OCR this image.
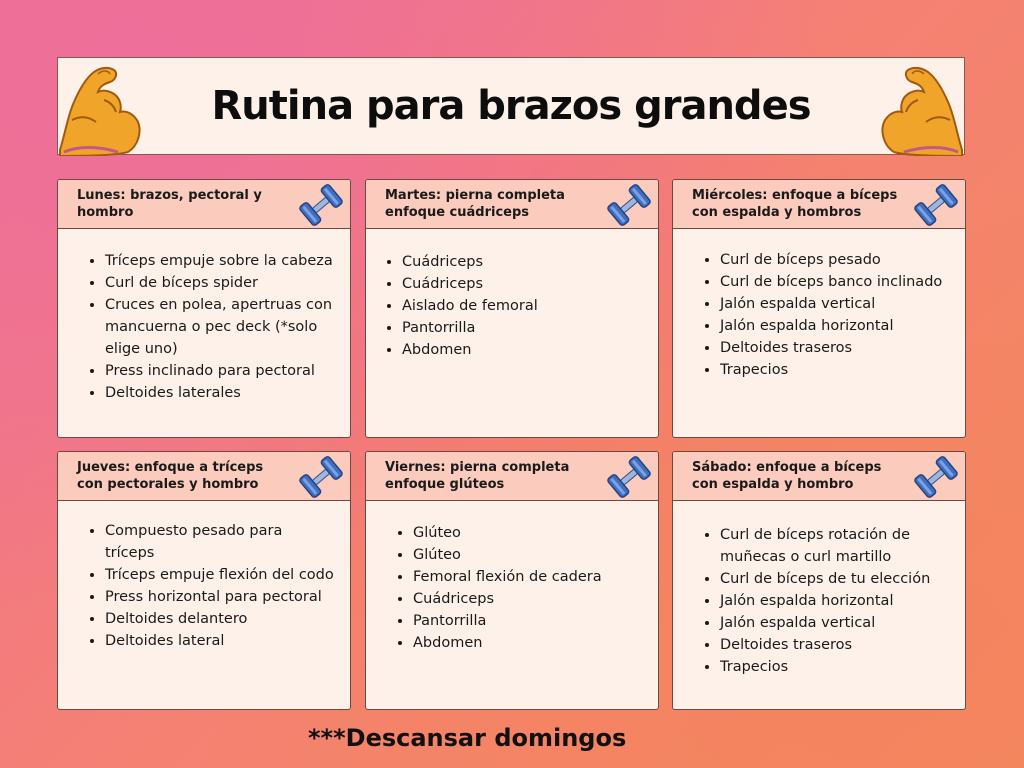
Rutina para brazos grandes

Lunes: brazos, pectoral y hombro

• Tríceps empuje sobre la cabeza
• Curl de bíceps spider
• Cruces en polea, apertruas con mancuerna o pec deck (*solo elige uno)
• Press inclinado para pectoral
• Deltoides laterales

Martes: pierna completa enfoque cuádriceps

• Cuádriceps
• Cuádriceps
• Aislado de femoral
• Pantorrilla
• Abdomen

Miércoles: enfoque a bíceps con espalda y hombros

• Curl de bíceps pesado
• Curl de bíceps banco inclinado
• Jalón espalda vertical
• Jalón espalda horizontal
• Deltoides traseros
• Trapecios

Jueves: enfoque a tríceps con pectorales y hombro

• Compuesto pesado para tríceps
• Tríceps empuje flexión del codo
• Press horizontal para pectoral
• Deltoides delantero
• Deltoides lateral

Viernes: pierna completa enfoque glúteos

• Glúteo
• Glúteo
• Femoral flexión de cadera
• Cuádriceps
• Pantorrilla
• Abdomen

Sábado: enfoque a bíceps con espalda y hombro

• Curl de bíceps rotación de muñecas o curl martillo
• Curl de bíceps de tu elección
• Jalón espalda horizontal
• Jalón espalda vertical
• Deltoides traseros
• Trapecios

***Descansar domingos
